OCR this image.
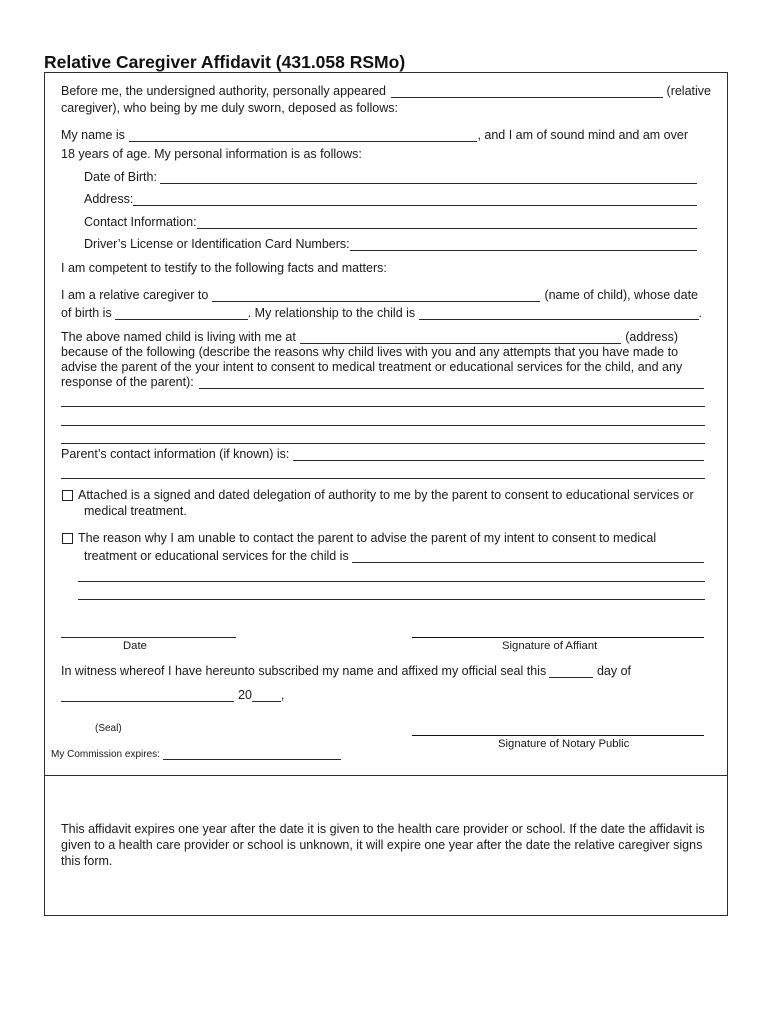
Relative Caregiver Affidavit (431.058 RSMo)
Before me, the undersigned authority, personally appeared	(relative
caregiver), who being by me duly sworn, deposed as follows:
My name is	, and I am of sound mind and am over
18 years of age. My personal information is as follows:
Date of Birth:
Address:
Contact Information:
Driver’s License or Identification Card Numbers:
I am competent to testify to the following facts and matters:
I am a relative caregiver to	(name of child), whose date
of birth is	. My relationship to the child is	.
The above named child is living with me at	(address)
because of the following (describe the reasons why child lives with you and any attempts that you have made to
advise the parent of the your intent to consent to medical treatment or educational services for the child, and any
response of the parent):
Parent’s contact information (if known) is:
Attached is a signed and dated delegation of authority to me by the parent to consent to educational services or
medical treatment.
The reason why I am unable to contact the parent to advise the parent of my intent to consent to medical
treatment or educational services for the child is
Date	Signature of Affiant
In witness whereof I have hereunto subscribed my name and affixed my official seal this	day of
20 ,
(Seal)
Signature of Notary Public
My Commission expires:
This affidavit expires one year after the date it is given to the health care provider or school. If the date the affidavit is
given to a health care provider or school is unknown, it will expire one year after the date the relative caregiver signs
this form.
